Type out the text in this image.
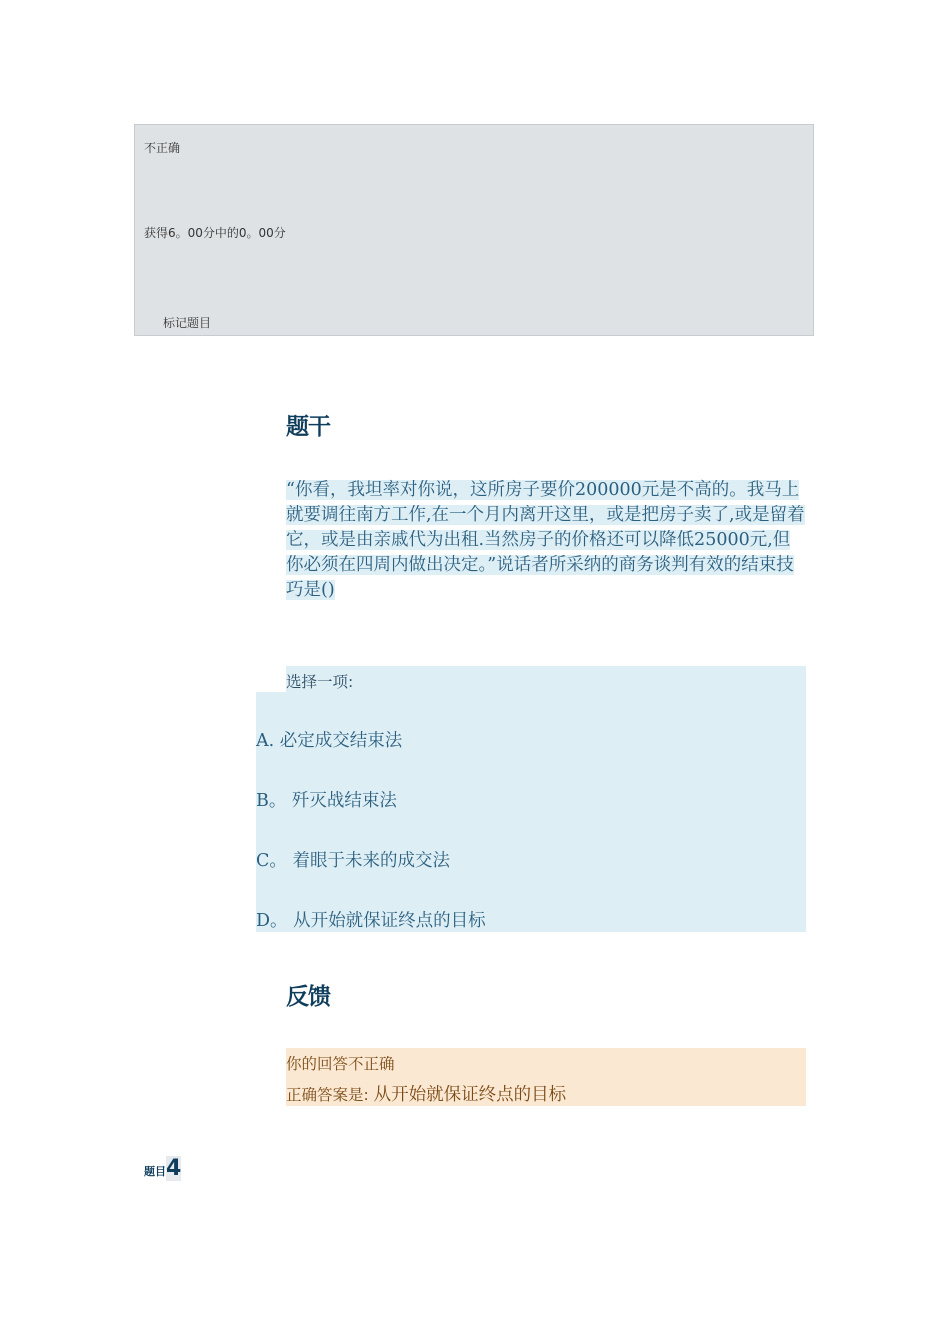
不正确
获得6。00分中的0。00分
标记题目
题干
“你看，我坦率对你说，这所房子要价200000元是不高的。我马上就要调往南方工作,在一个月内离开这里，或是把房子卖了,或是留着它，或是由亲戚代为出租.当然房子的价格还可以降低25000元,但你必须在四周内做出决定。”说话者所采纳的商务谈判有效的结束技巧是()
选择一项:
A. 必定成交结束法
B。 歼灭战结束法
C。 着眼于未来的成交法
D。 从开始就保证终点的目标
反馈
你的回答不正确
正确答案是: 从开始就保证终点的目标
题目4
